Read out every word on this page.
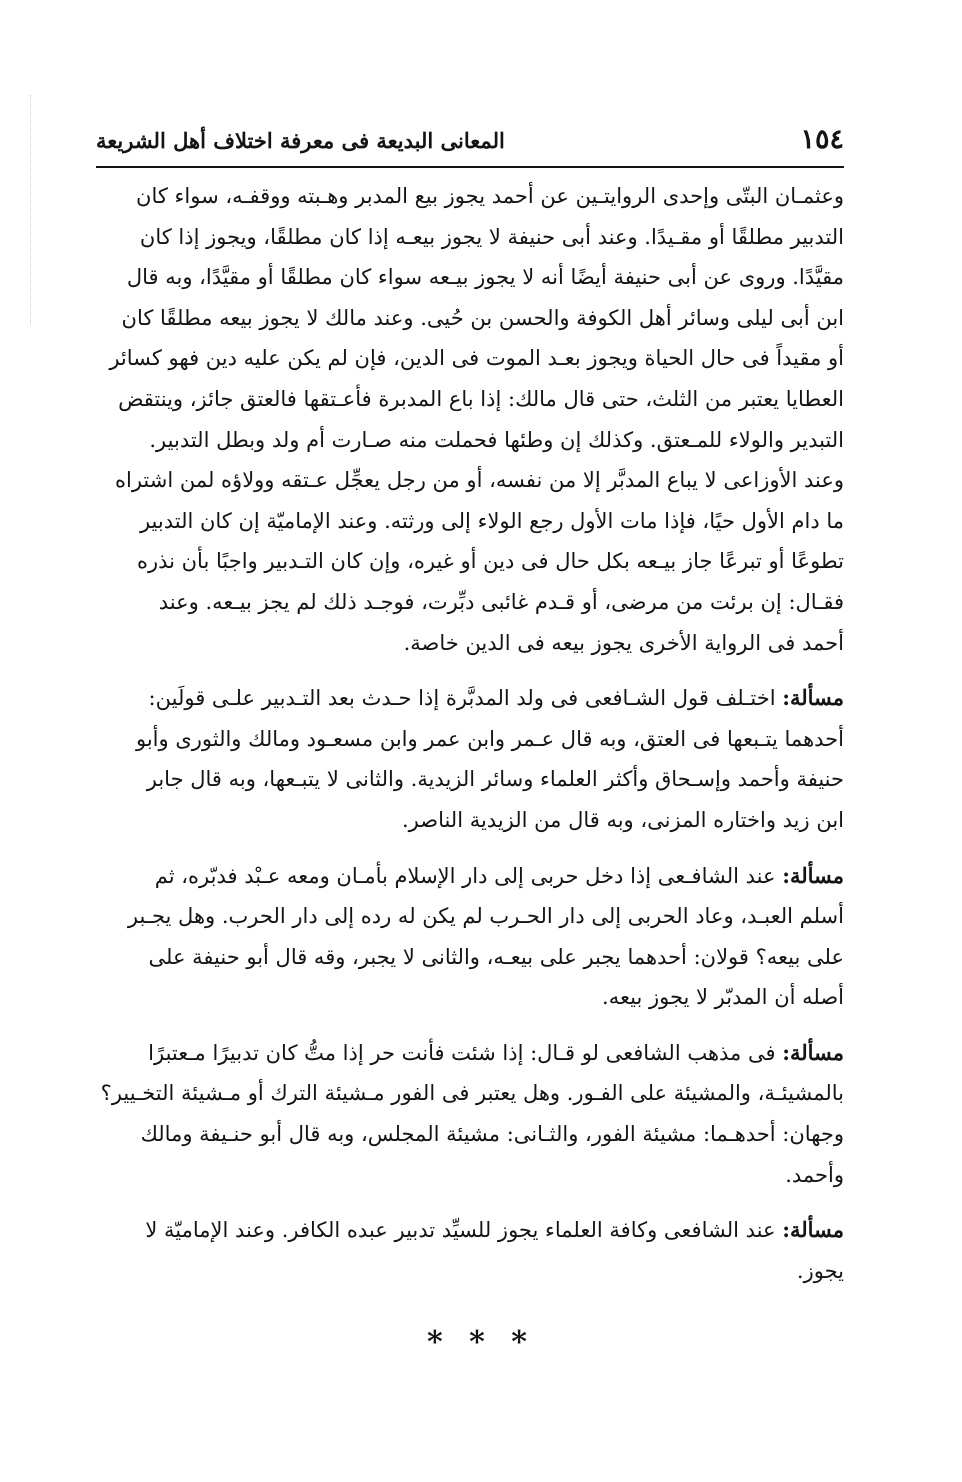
المعانى البديعة فى معرفة اختلاف أهل الشريعة	١٥٤

وعثمـان البتّى وإحدى الروايتـين عن أحمد يجوز بيع المدبر وهـبته ووقفـه، سواء كان
التدبير مطلقًا أو مقـيدًا. وعند أبى حنيفة لا يجوز بيعـه إذا كان مطلقًا، ويجوز إذا كان
مقيَّدًا. وروى عن أبى حنيفة أيضًا أنه لا يجوز بيـعه سواء كان مطلقًا أو مقيَّدًا، وبه قال
ابن أبى ليلى وسائر أهل الكوفة والحسن بن حُيى. وعند مالك لا يجوز بيعه مطلقًا كان
أو مقيداً فى حال الحياة ويجوز بعـد الموت فى الدين، فإن لم يكن عليه دين فهو كسائر
العطايا يعتبر من الثلث، حتى قال مالك: إذا باع المدبرة فأعـتقها فالعتق جائز، وينتقض
التبدير والولاء للمـعتق. وكذلك إن وطئها فحملت منه صـارت أم ولد وبطل التدبير.
وعند الأوزاعى لا يباع المدبَّر إلا من نفسه، أو من رجل يعجِّل عـتقه وولاؤه لمن اشتراه
ما دام الأول حيًا، فإذا مات الأول رجع الولاء إلى ورثته. وعند الإماميّة إن كان التدبير
تطوعًا أو تبرعًا جاز بيـعه بكل حال فى دين أو غيره، وإن كان التـدبير واجبًا بأن نذره
فقـال: إن برئت من مرضى، أو قـدم غائبى دبِّرت، فوجـد ذلك لم يجز بيـعه. وعند
أحمد فى الرواية الأخرى يجوز بيعه فى الدين خاصة.

مسألة: اختـلف قول الشـافعى فى ولد المدبَّرة إذا حـدث بعد التـدبير علـى قولَين:
أحدهما يتـبعها فى العتق، وبه قال عـمر وابن عمر وابن مسعـود ومالك والثورى وأبو
حنيفة وأحمد وإسـحاق وأكثر العلماء وسائر الزيدية. والثانى لا يتبـعها، وبه قال جابر
ابن زيد واختاره المزنى، وبه قال من الزيدية الناصر.

مسألة: عند الشافـعى إذا دخل حربى إلى دار الإسلام بأمـان ومعه عـبْد فدبّره، ثم
أسلم العبـد، وعاد الحربى إلى دار الحـرب لم يكن له رده إلى دار الحرب. وهل يجـبر
على بيعه؟ قولان: أحدهما يجبر على بيعـه، والثانى لا يجبر، وقه قال أبو حنيفة على
أصله أن المدبّر لا يجوز بيعه.

مسألة: فى مذهب الشافعى لو قـال: إذا شئت فأنت حر إذا متُّ كان تدبيرًا مـعتبرًا
بالمشيئـة، والمشيئة على الفـور. وهل يعتبر فى الفور مـشيئة الترك أو مـشيئة التخـيير؟
وجهان: أحدهـما: مشيئة الفور، والثـانى: مشيئة المجلس، وبه قال أبو حنـيفة ومالك
وأحمد.

مسألة: عند الشافعى وكافة العلماء يجوز للسيِّد تدبير عبده الكافر. وعند الإماميّة لا
يجوز.

* * *
